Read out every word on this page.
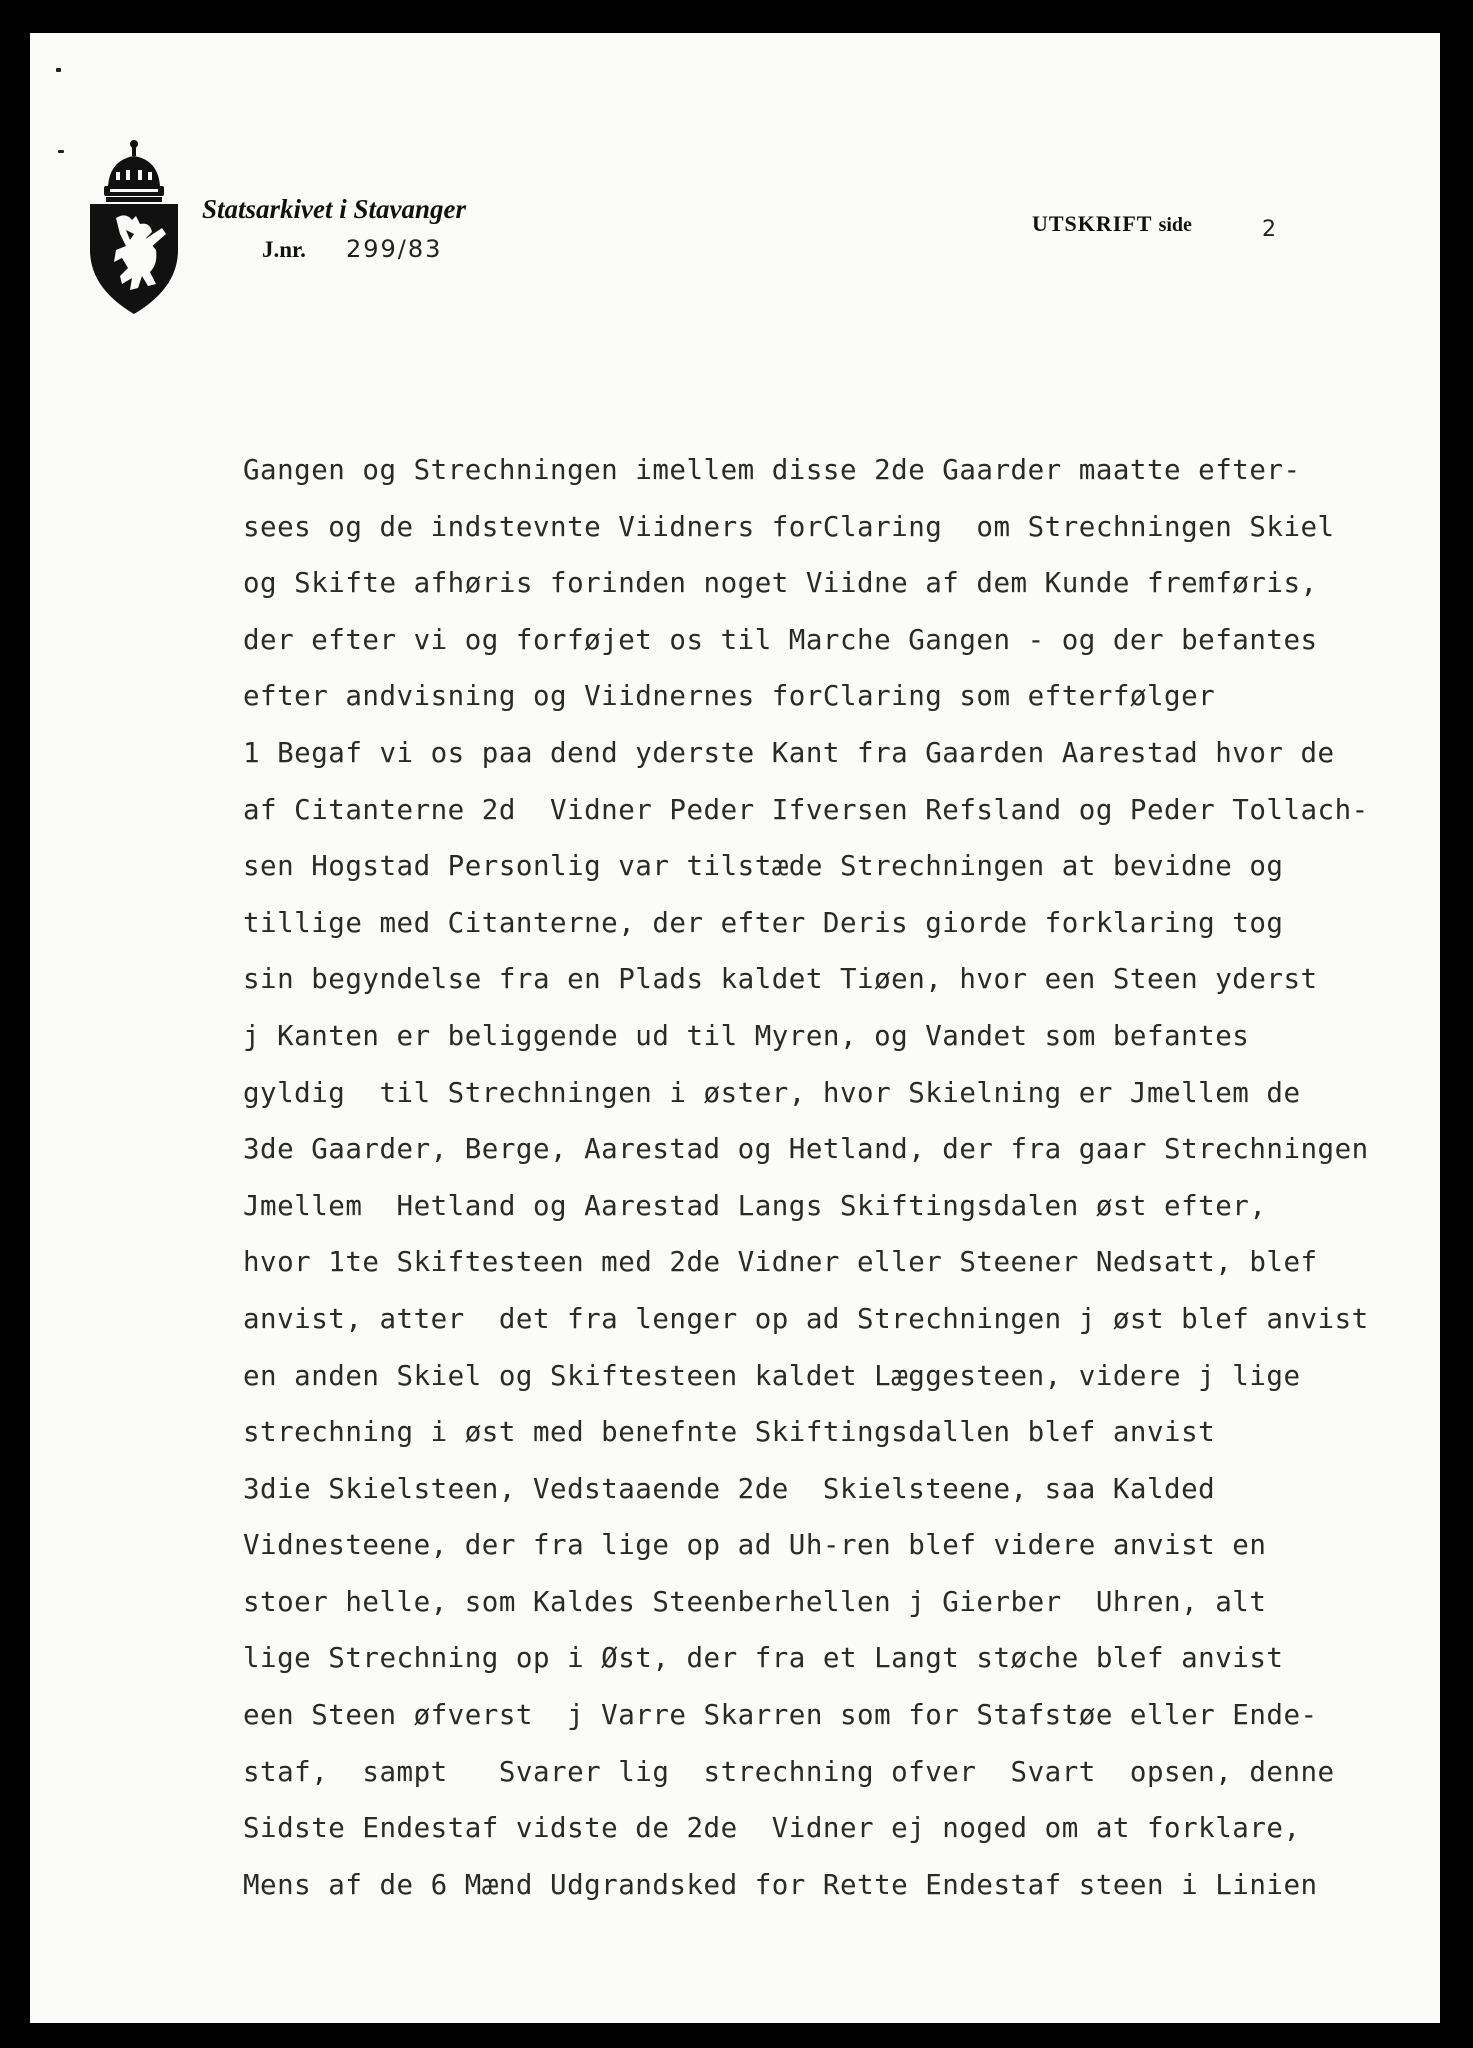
Statsarkivet i Stavanger
J.nr. 299/83
UTSKRIFT side	2
Gangen og Strechningen imellem disse 2de Gaarder maatte efter-
sees og de indstevnte Viidners forClaring  om Strechningen Skiel
og Skifte afhøris forinden noget Viidne af dem Kunde fremføris,
der efter vi og forføjet os til Marche Gangen - og der befantes
efter andvisning og Viidnernes forClaring som efterfølger
1 Begaf vi os paa dend yderste Kant fra Gaarden Aarestad hvor de
af Citanterne 2d  Vidner Peder Ifversen Refsland og Peder Tollach-
sen Hogstad Personlig var tilstæde Strechningen at bevidne og
tillige med Citanterne, der efter Deris giorde forklaring tog
sin begyndelse fra en Plads kaldet Tiøen, hvor een Steen yderst
j Kanten er beliggende ud til Myren, og Vandet som befantes
gyldig  til Strechningen i øster, hvor Skielning er Jmellem de
3de Gaarder, Berge, Aarestad og Hetland, der fra gaar Strechningen
Jmellem  Hetland og Aarestad Langs Skiftingsdalen øst efter,
hvor 1te Skiftesteen med 2de Vidner eller Steener Nedsatt, blef
anvist, atter  det fra lenger op ad Strechningen j øst blef anvist
en anden Skiel og Skiftesteen kaldet Læggesteen, videre j lige
strechning i øst med benefnte Skiftingsdallen blef anvist
3die Skielsteen, Vedstaaende 2de  Skielsteene, saa Kalded
Vidnesteene, der fra lige op ad Uh-ren blef videre anvist en
stoer helle, som Kaldes Steenberhellen j Gierber  Uhren, alt
lige Strechning op i Øst, der fra et Langt støche blef anvist
een Steen øfverst  j Varre Skarren som for Stafstøe eller Ende-
staf,  sampt   Svarer lig  strechning ofver  Svart  opsen, denne
Sidste Endestaf vidste de 2de  Vidner ej noged om at forklare,
Mens af de 6 Mænd Udgrandsked for Rette Endestaf steen i Linien
